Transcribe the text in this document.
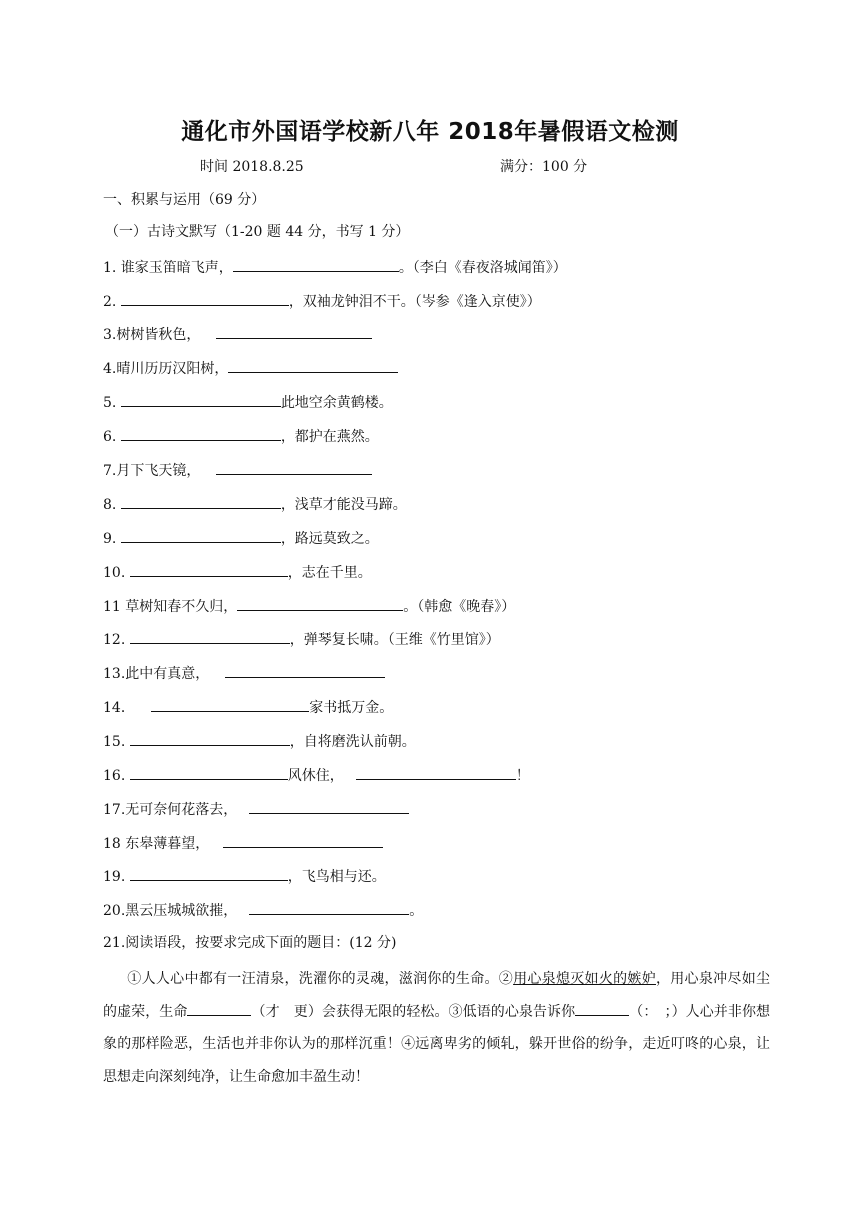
通化市外国语学校新八年 2018年暑假语文检测
时间 2018.8.25	满分：100 分
一、积累与运用（69 分）
（一）古诗文默写（1-20 题 44 分，书写 1 分）
1. 谁家玉笛暗飞声，	。（李白《春夜洛城闻笛》）
2.	，双袖龙钟泪不干。（岑参《逢入京使》）
3.树树皆秋色，
4.晴川历历汉阳树，
5.	此地空余黄鹤楼。
6.	，都护在燕然。
7.月下飞天镜，
8.	，浅草才能没马蹄。
9.	，路远莫致之。
10.	，志在千里。
11 草树知春不久归，	。（韩愈《晚春》）
12.	，弹琴复长啸。（王维《竹里馆》）
13.此中有真意，
14．	家书抵万金。
15.	，自将磨洗认前朝。
16.	风休住，	！
17.无可奈何花落去，
18 东皋薄暮望，
19.	，飞鸟相与还。
20.黑云压城城欲摧，	。
21.阅读语段，按要求完成下面的题目：(12 分)
①人人心中都有一汪清泉，洗濯你的灵魂，滋润你的生命。②用心泉熄灭如火的嫉妒，用心泉冲尽如尘的虚荣，生命	（才　更）会获得无限的轻松。③低语的心泉告诉你	（：　；）人心并非你想象的那样险恶，生活也并非你认为的那样沉重！④远离卑劣的倾轧，躲开世俗的纷争，走近叮咚的心泉，让思想走向深刻纯净，让生命愈加丰盈生动！
